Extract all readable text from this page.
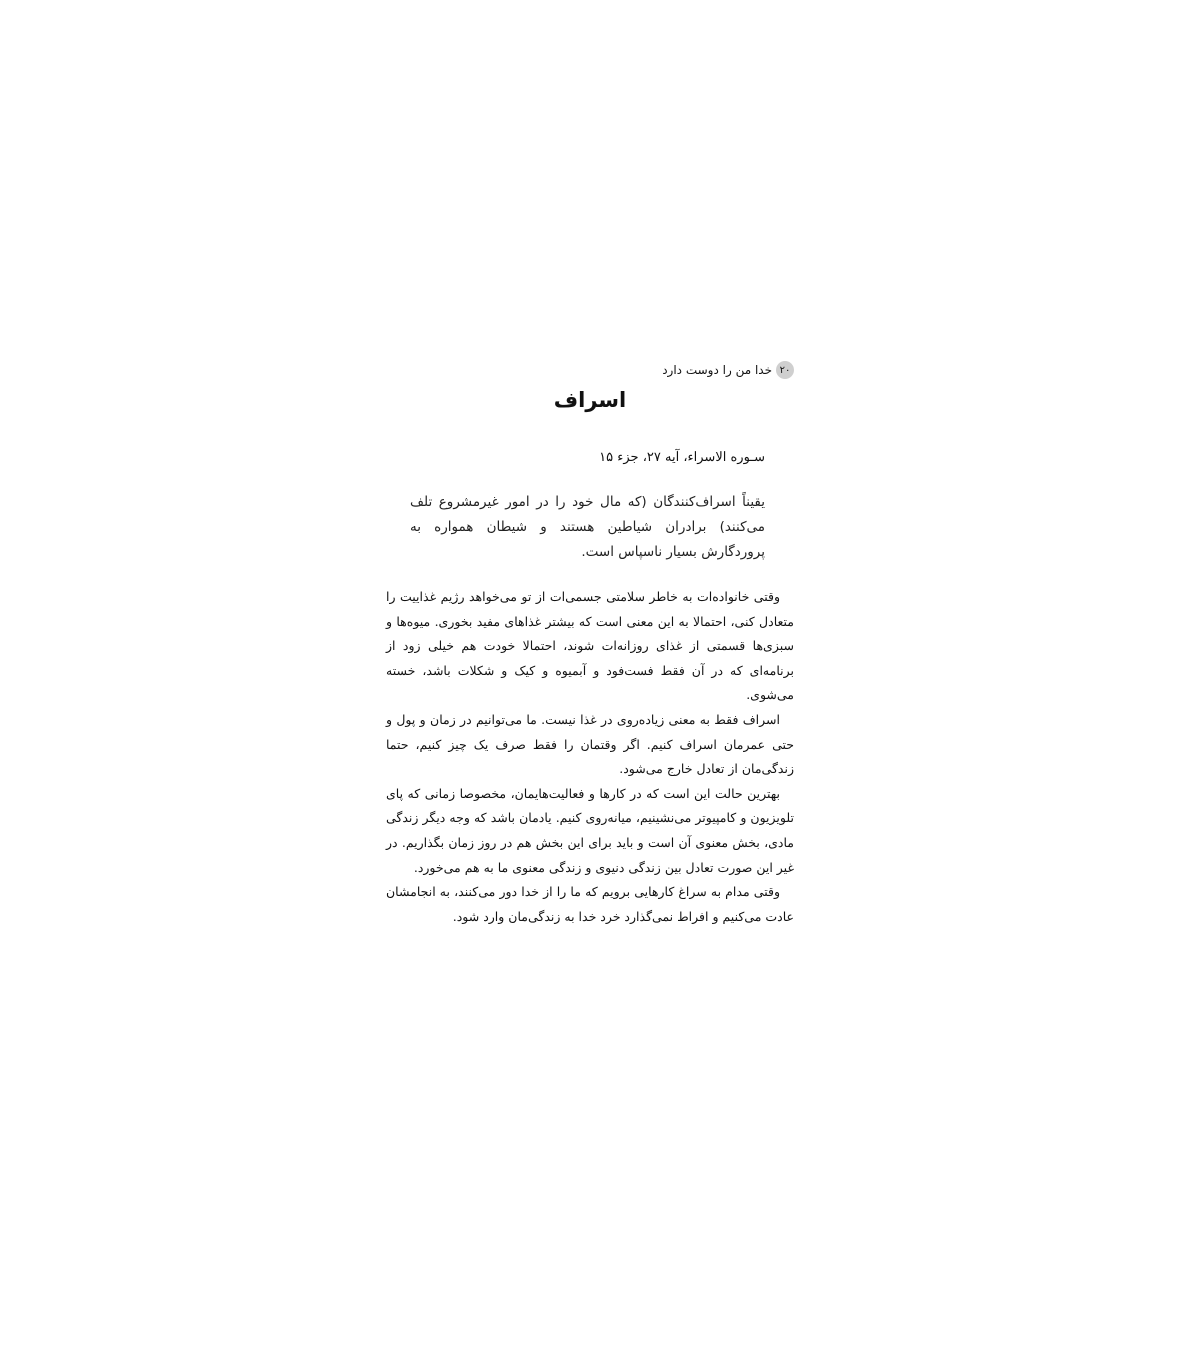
۲۰
خدا من را دوست دارد
اسراف
سـوره الاسراء، آیه ۲۷، جزء ۱۵

یقیناً اسراف‌کنندگان (که مال خود را در امور غیرمشروع تلف می‌کنند) برادران شیاطین هستند و شیطان همواره به پروردگارش بسیار ناسپاس است.

وقتی خانواده‌ات به خاطر سلامتی جسمی‌ات از تو می‌خواهد رژیم غذاییت را متعادل کنی، احتمالا به این معنی است که بیشتر غذاهای مفید بخوری. میوه‌ها و سبزی‌ها قسمتی از غذای روزانه‌ات شوند، احتمالا خودت هم خیلی زود از برنامه‌ای که در آن فقط فست‌فود و آبمیوه و کیک و شکلات باشد، خسته می‌شوی.

اسراف فقط به معنی زیاده‌روی در غذا نیست. ما می‌توانیم در زمان و پول و حتی عمرمان اسراف کنیم. اگر وقتمان را فقط صرف یک چیز کنیم، حتما زندگی‌مان از تعادل خارج می‌شود.

بهترین حالت این است که در کارها و فعالیت‌هایمان، مخصوصا زمانی که پای تلویزیون و کامپیوتر می‌نشینیم، میانه‌روی کنیم. یادمان باشد که وجه دیگر زندگی مادی، بخش معنوی آن است و باید برای این بخش هم در روز زمان بگذاریم. در غیر این صورت تعادل بین زندگی دنیوی و زندگی معنوی ما به هم می‌خورد.

وقتی مدام به سراغ کارهایی برویم که ما را از خدا دور می‌کنند، به انجامشان عادت می‌کنیم و افراط نمی‌گذارد خرد خدا به زندگی‌مان وارد شود.
